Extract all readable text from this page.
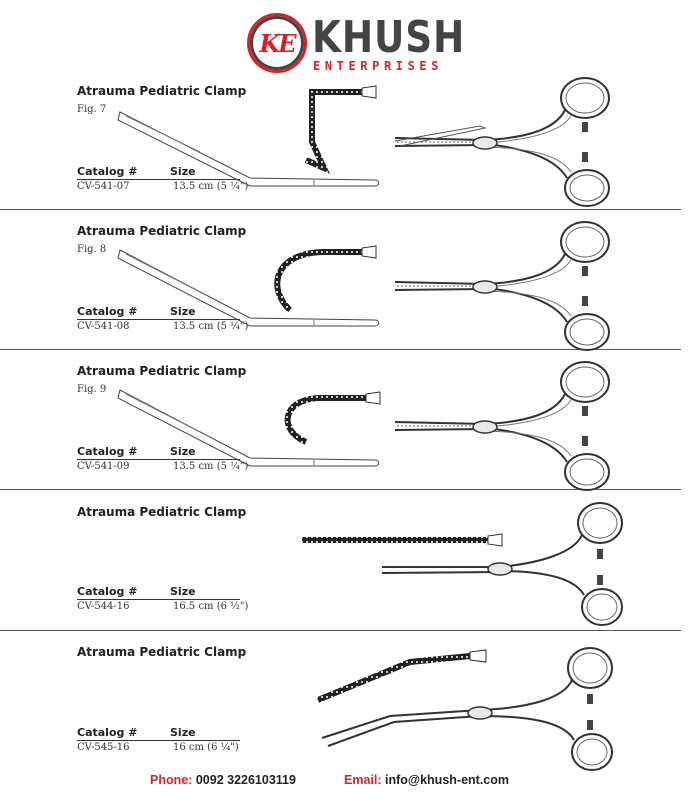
KE KHUSH
ENTERPRISES
Atrauma Pediatric Clamp
Fig. 7
Catalog #	Size
CV-541-07	13.5 cm (5 ¼")
Atrauma Pediatric Clamp
Fig. 8
Catalog #	Size
CV-541-08	13.5 cm (5 ¼")
Atrauma Pediatric Clamp
Fig. 9
Catalog #	Size
CV-541-09	13.5 cm (5 ¼")
Atrauma Pediatric Clamp
Catalog #	Size
CV-544-16	16.5 cm (6 ½")
Atrauma Pediatric Clamp
Catalog #	Size
CV-545-16	16 cm (6 ¼")
Phone: 0092 3226103119	Email: info@khush-ent.com
